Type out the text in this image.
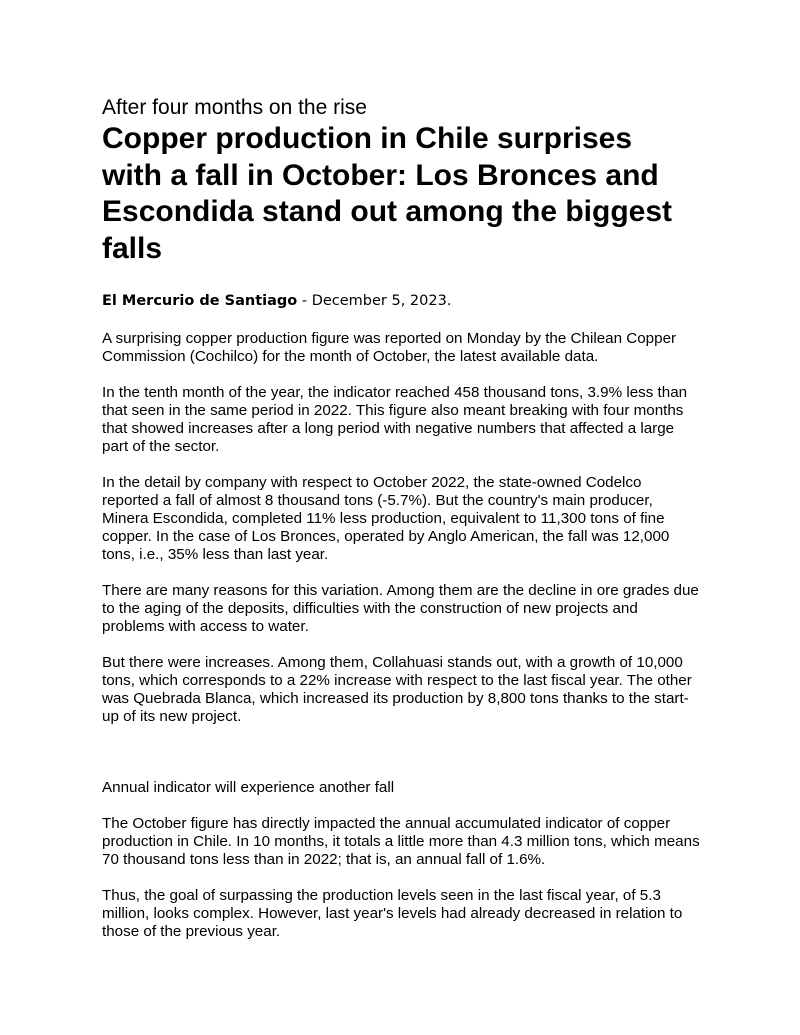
After four months on the rise
Copper production in Chile surprises with a fall in October: Los Bronces and Escondida stand out among the biggest falls
El Mercurio de Santiago - December 5, 2023.

A surprising copper production figure was reported on Monday by the Chilean Copper Commission (Cochilco) for the month of October, the latest available data.

In the tenth month of the year, the indicator reached 458 thousand tons, 3.9% less than that seen in the same period in 2022. This figure also meant breaking with four months that showed increases after a long period with negative numbers that affected a large part of the sector.

In the detail by company with respect to October 2022, the state-owned Codelco reported a fall of almost 8 thousand tons (-5.7%). But the country's main producer, Minera Escondida, completed 11% less production, equivalent to 11,300 tons of fine copper. In the case of Los Bronces, operated by Anglo American, the fall was 12,000 tons, i.e., 35% less than last year.

There are many reasons for this variation. Among them are the decline in ore grades due to the aging of the deposits, difficulties with the construction of new projects and problems with access to water.

But there were increases. Among them, Collahuasi stands out, with a growth of 10,000 tons, which corresponds to a 22% increase with respect to the last fiscal year. The other was Quebrada Blanca, which increased its production by 8,800 tons thanks to the start-up of its new project.

Annual indicator will experience another fall

The October figure has directly impacted the annual accumulated indicator of copper production in Chile. In 10 months, it totals a little more than 4.3 million tons, which means 70 thousand tons less than in 2022; that is, an annual fall of 1.6%.

Thus, the goal of surpassing the production levels seen in the last fiscal year, of 5.3 million, looks complex. However, last year's levels had already decreased in relation to those of the previous year.
